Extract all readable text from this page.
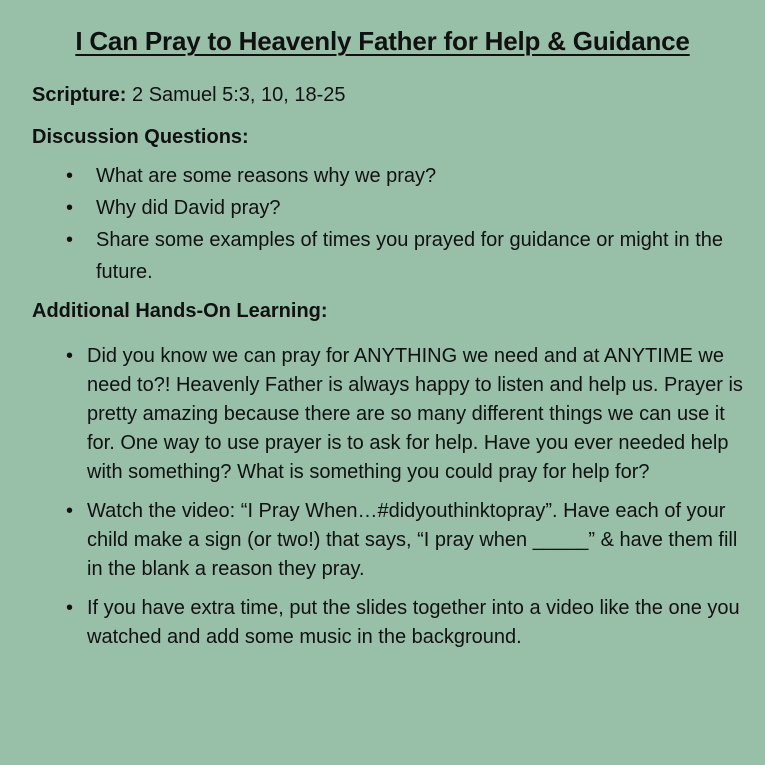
I Can Pray to Heavenly Father for Help & Guidance
Scripture: 2 Samuel 5:3, 10, 18-25
Discussion Questions:
• What are some reasons why we pray?
• Why did David pray?
• Share some examples of times you prayed for guidance or might in the future.
Additional Hands-On Learning:
• Did you know we can pray for ANYTHING we need and at ANYTIME we need to?! Heavenly Father is always happy to listen and help us. Prayer is pretty amazing because there are so many different things we can use it for. One way to use prayer is to ask for help. Have you ever needed help with something? What is something you could pray for help for?
• Watch the video: “I Pray When…#didyouthinktopray”. Have each of your child make a sign (or two!) that says, “I pray when _____” & have them fill in the blank a reason they pray.
• If you have extra time, put the slides together into a video like the one you watched and add some music in the background.
